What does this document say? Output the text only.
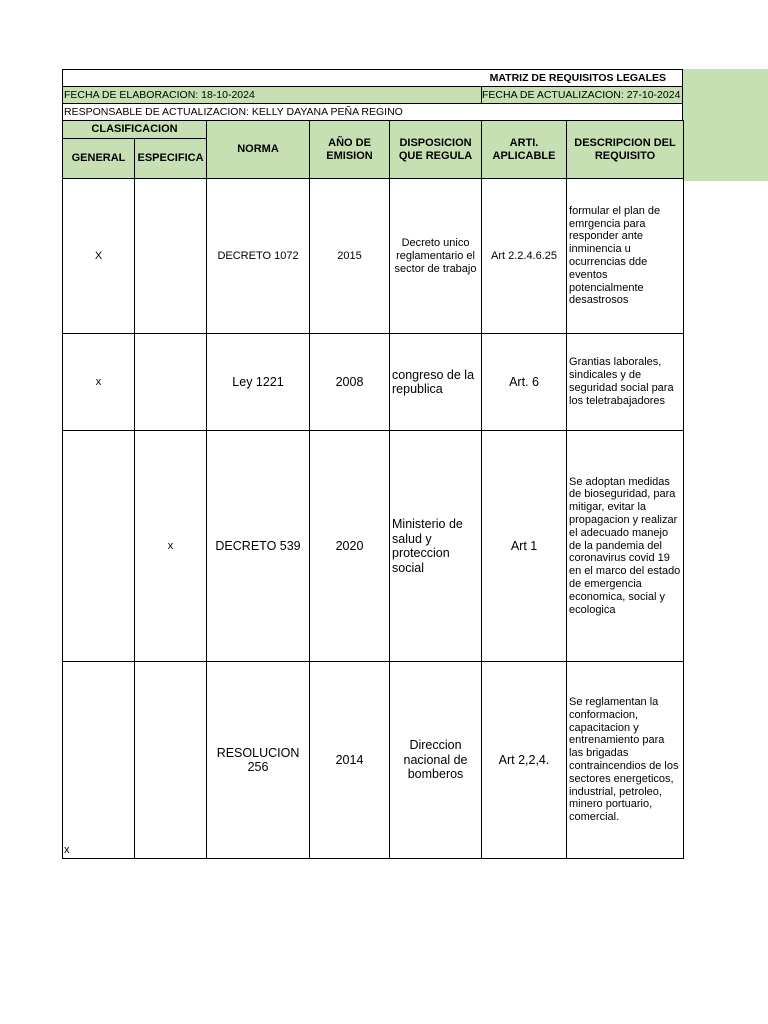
MATRIZ DE REQUISITOS LEGALES
FECHA DE ELABORACION: 18-10-2024	FECHA DE ACTUALIZACION: 27-10-2024
RESPONSABLE DE ACTUALIZACION: KELLY DAYANA PEÑA REGINO
CLASIFICACION		NORMA	AÑO DE EMISION	DISPOSICION QUE REGULA	ARTI. APLICABLE	DESCRIPCION DEL REQUISITO
GENERAL	ESPECIFICA					
X		DECRETO 1072	2015	Decreto unico reglamentario el sector de trabajo	Art 2.2.4.6.25	formular el plan de emrgencia para responder ante inminencia u ocurrencias dde eventos potencialmente desastrosos
x		Ley 1221	2008	congreso de la republica	Art. 6	Grantias laborales, sindicales y de seguridad social para los teletrabajadores
	x	DECRETO 539	2020	Ministerio de salud y proteccion social	Art 1	Se adoptan medidas de bioseguridad, para mitigar, evitar la propagacion y realizar el adecuado manejo de la pandemia del coronavirus covid 19 en el marco del estado de emergencia economica, social y ecologica

x		RESOLUCION 256	2014	Direccion nacional de bomberos	Art 2,2,4.	Se reglamentan la conformacion, capacitacion y entrenamiento para las brigadas contraincendios de los sectores energeticos, industrial, petroleo, minero portuario, comercial.
